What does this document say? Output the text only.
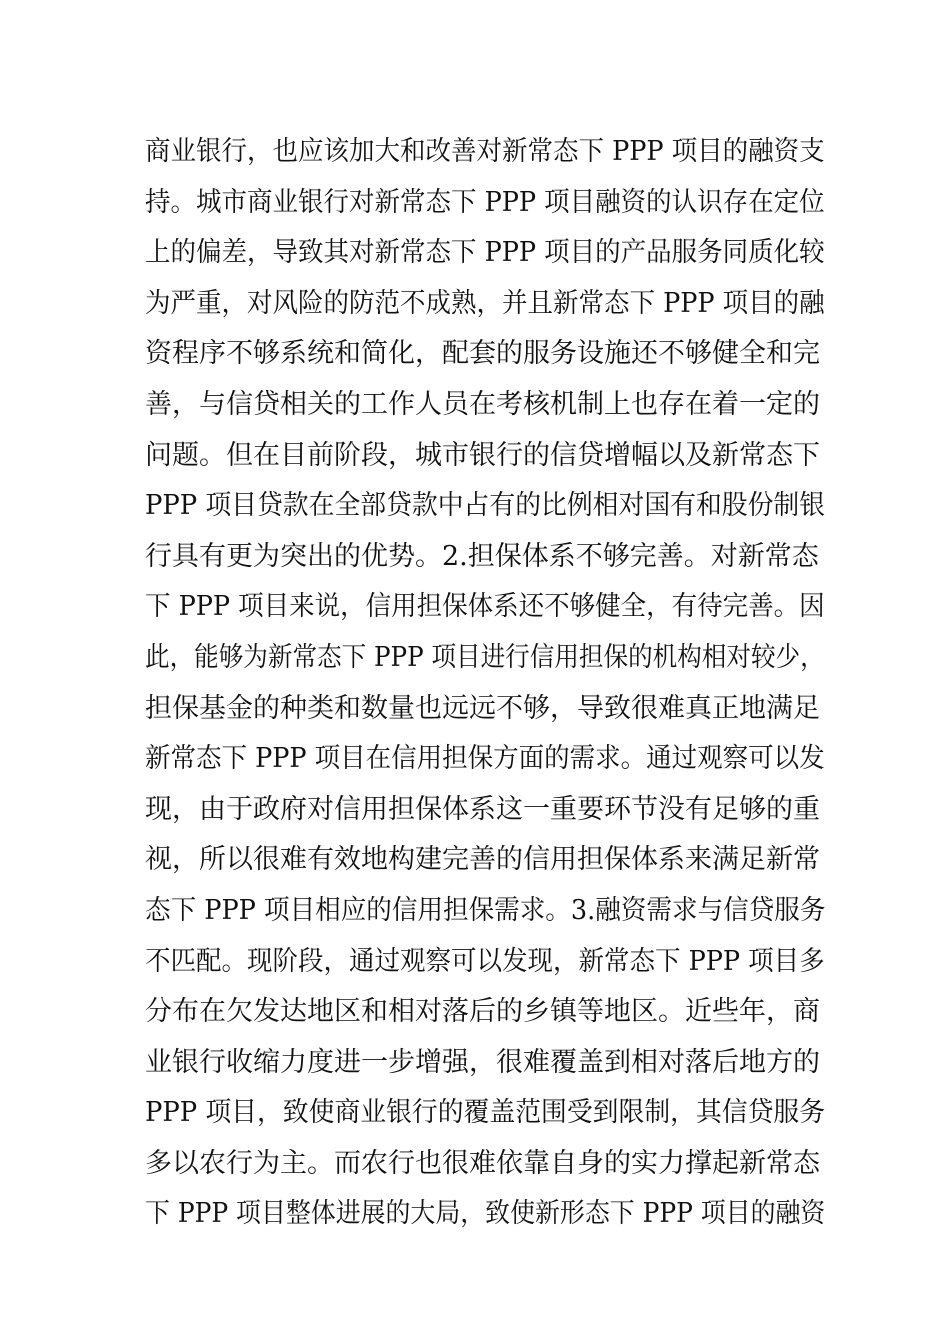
商业银行，也应该加大和改善对新常态下 PPP 项目的融资支
持。城市商业银行对新常态下 PPP 项目融资的认识存在定位
上的偏差，导致其对新常态下 PPP 项目的产品服务同质化较
为严重，对风险的防范不成熟，并且新常态下 PPP 项目的融
资程序不够系统和简化，配套的服务设施还不够健全和完
善，与信贷相关的工作人员在考核机制上也存在着一定的
问题。但在目前阶段，城市银行的信贷增幅以及新常态下
PPP 项目贷款在全部贷款中占有的比例相对国有和股份制银
行具有更为突出的优势。2.担保体系不够完善。对新常态
下 PPP 项目来说，信用担保体系还不够健全，有待完善。因
此，能够为新常态下 PPP 项目进行信用担保的机构相对较少，
担保基金的种类和数量也远远不够，导致很难真正地满足
新常态下 PPP 项目在信用担保方面的需求。通过观察可以发
现，由于政府对信用担保体系这一重要环节没有足够的重
视，所以很难有效地构建完善的信用担保体系来满足新常
态下 PPP 项目相应的信用担保需求。3.融资需求与信贷服务
不匹配。现阶段，通过观察可以发现，新常态下 PPP 项目多
分布在欠发达地区和相对落后的乡镇等地区。近些年，商
业银行收缩力度进一步增强，很难覆盖到相对落后地方的
PPP 项目，致使商业银行的覆盖范围受到限制，其信贷服务
多以农行为主。而农行也很难依靠自身的实力撑起新常态
下 PPP 项目整体进展的大局，致使新形态下 PPP 项目的融资
